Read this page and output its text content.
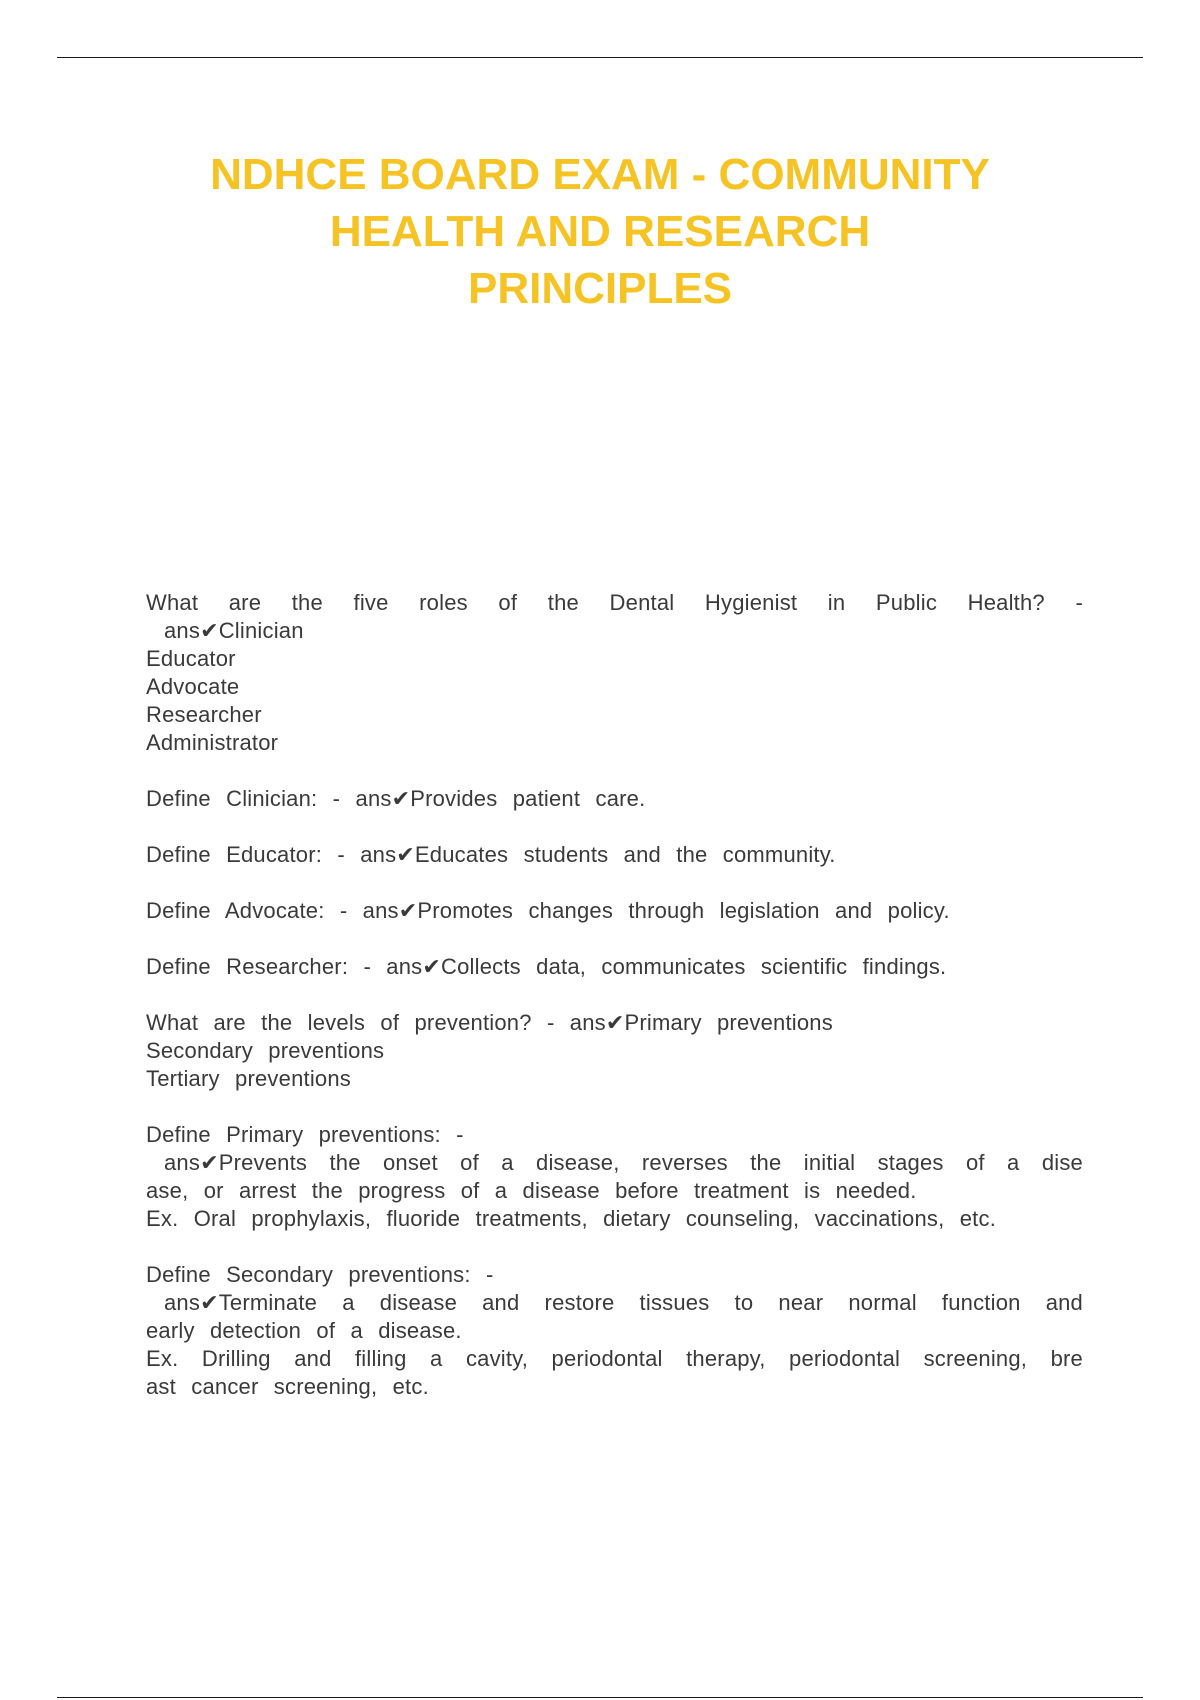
NDHCE BOARD EXAM - COMMUNITY
HEALTH AND RESEARCH
PRINCIPLES
What are the five roles of the Dental Hygienist in Public Health? -
ans✔Clinician
Educator
Advocate
Researcher
Administrator
Define Clinician: - ans✔Provides patient care.
Define Educator: - ans✔Educates students and the community.
Define Advocate: - ans✔Promotes changes through legislation and policy.
Define Researcher: - ans✔Collects data, communicates scientific findings.
What are the levels of prevention? - ans✔Primary preventions
Secondary preventions
Tertiary preventions
Define Primary preventions: -
ans✔Prevents the onset of a disease, reverses the initial stages of a dise
ase, or arrest the progress of a disease before treatment is needed.
Ex. Oral prophylaxis, fluoride treatments, dietary counseling, vaccinations, etc.
Define Secondary preventions: -
ans✔Terminate a disease and restore tissues to near normal function and
early detection of a disease.
Ex. Drilling and filling a cavity, periodontal therapy, periodontal screening, bre
ast cancer screening, etc.
